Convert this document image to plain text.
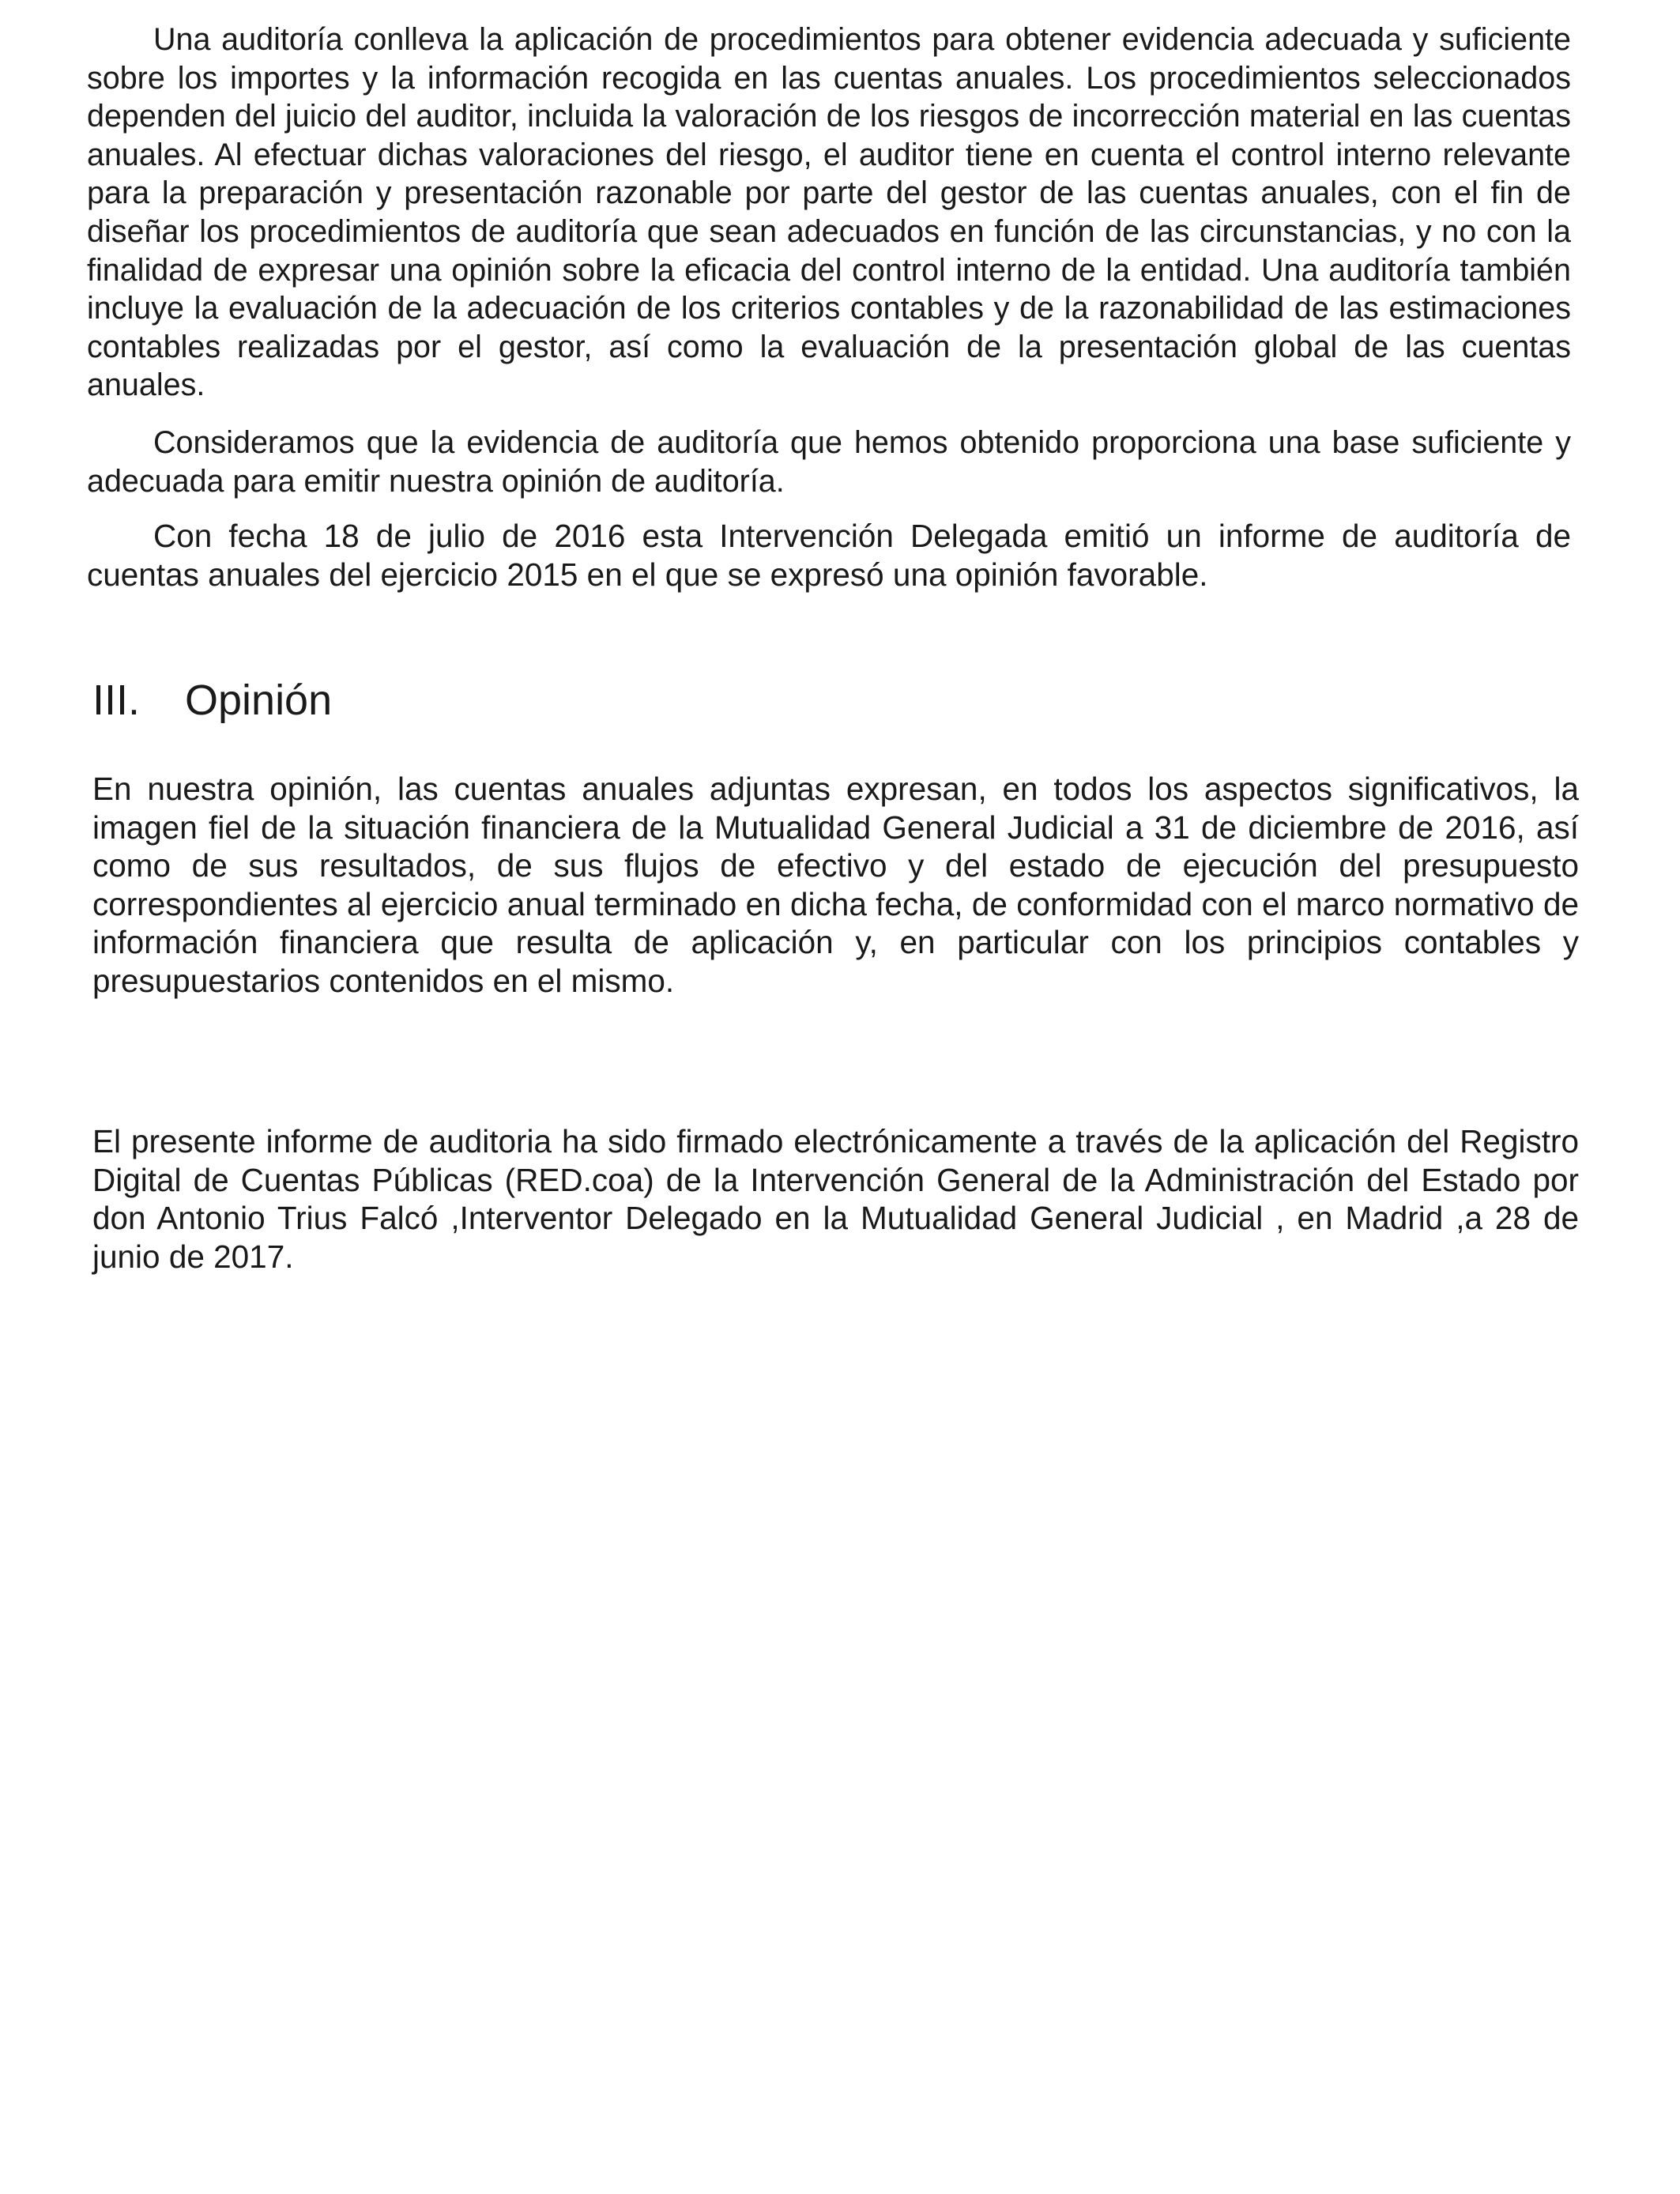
Una auditoría conlleva la aplicación de procedimientos para obtener evidencia adecuada y suficiente sobre los importes y la información recogida en las cuentas anuales. Los procedimientos seleccionados dependen del juicio del auditor, incluida la valoración de los riesgos de incorrección material en las cuentas anuales. Al efectuar dichas valoraciones del riesgo, el auditor tiene en cuenta el control interno relevante para la preparación y presentación razonable por parte del gestor de las cuentas anuales, con el fin de diseñar los procedimientos de auditoría que sean adecuados en función de las circunstancias, y no con la finalidad de expresar una opinión sobre la eficacia del control interno de la entidad. Una auditoría también incluye la evaluación de la adecuación de los criterios contables y de la razonabilidad de las estimaciones contables realizadas por el gestor, así como la evaluación de la presentación global de las cuentas anuales.

Consideramos que la evidencia de auditoría que hemos obtenido proporciona una base suficiente y adecuada para emitir nuestra opinión de auditoría.

Con fecha 18 de julio de 2016 esta Intervención Delegada emitió un informe de auditoría de cuentas anuales del ejercicio 2015 en el que se expresó una opinión favorable.

III. Opinión

En nuestra opinión, las cuentas anuales adjuntas expresan, en todos los aspectos significativos, la imagen fiel de la situación financiera de la Mutualidad General Judicial a 31 de diciembre de 2016, así como de sus resultados, de sus flujos de efectivo y del estado de ejecución del presupuesto correspondientes al ejercicio anual terminado en dicha fecha, de conformidad con el marco normativo de información financiera que resulta de aplicación y, en particular con los principios contables y presupuestarios contenidos en el mismo.

El presente informe de auditoria ha sido firmado electrónicamente a través de la aplicación del Registro Digital de Cuentas Públicas (RED.coa) de la Intervención General de la Administración del Estado por don Antonio Trius Falcó ,Interventor Delegado en la Mutualidad General Judicial , en Madrid ,a 28 de junio de 2017.
